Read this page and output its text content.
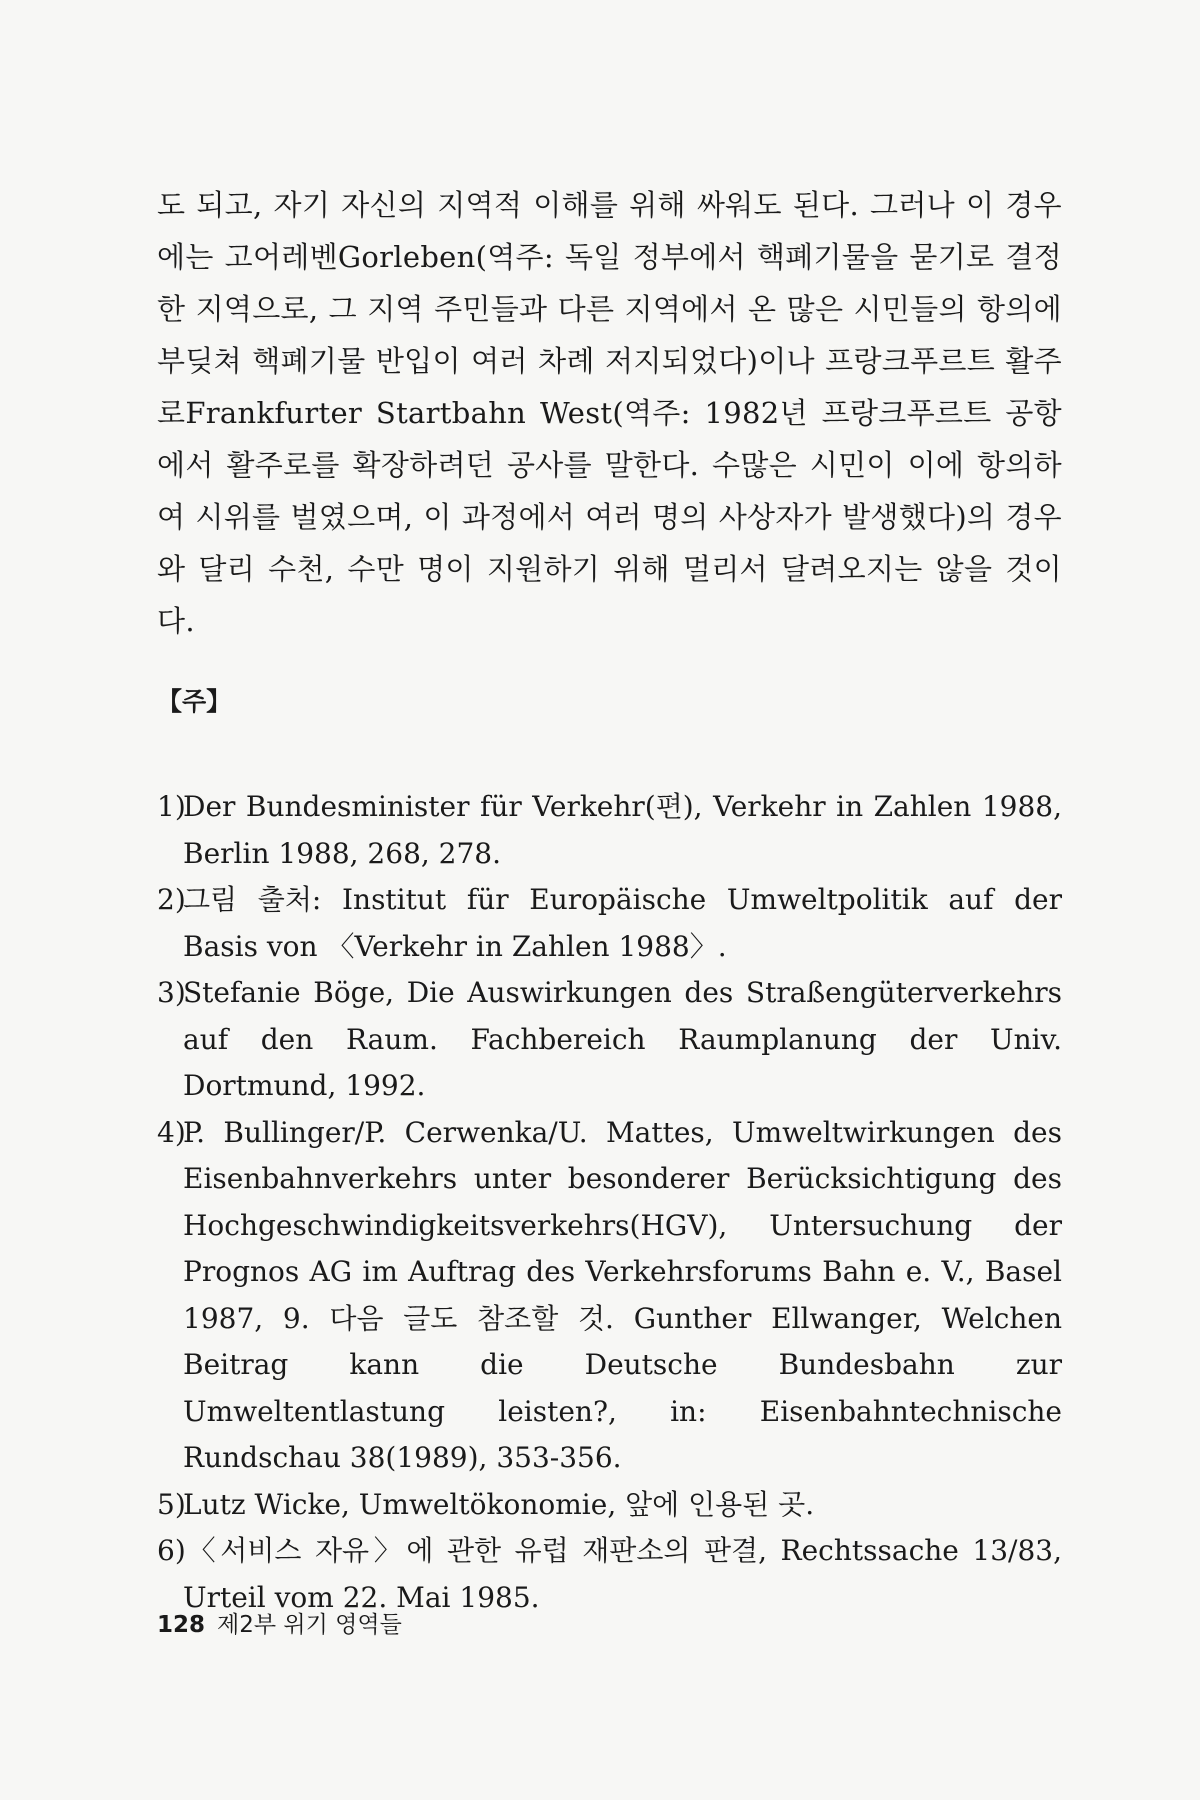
도 되고, 자기 자신의 지역적 이해를 위해 싸워도 된다. 그러나 이 경우에는 고어레벤Gorleben(역주: 독일 정부에서 핵폐기물을 묻기로 결정한 지역으로, 그 지역 주민들과 다른 지역에서 온 많은 시민들의 항의에 부딪쳐 핵폐기물 반입이 여러 차례 저지되었다)이나 프랑크푸르트 활주로Frankfurter Startbahn West(역주: 1982년 프랑크푸르트 공항에서 활주로를 확장하려던 공사를 말한다. 수많은 시민이 이에 항의하여 시위를 벌였으며, 이 과정에서 여러 명의 사상자가 발생했다)의 경우와 달리 수천, 수만 명이 지원하기 위해 멀리서 달려오지는 않을 것이다.

【주】
1)Der Bundesminister für Verkehr(편), Verkehr in Zahlen 1988, Berlin 1988, 268, 278.
2)그림 출처: Institut für Europäische Umweltpolitik auf der Basis von 〈Verkehr in Zahlen 1988〉.
3)Stefanie Böge, Die Auswirkungen des Straßengüterverkehrs auf den Raum. Fachbereich Raumplanung der Univ. Dortmund, 1992.
4)P. Bullinger/P. Cerwenka/U. Mattes, Umweltwirkungen des Eisenbahnverkehrs unter besonderer Berücksichtigung des Hochgeschwindigkeitsverkehrs(HGV), Untersuchung der Prognos AG im Auftrag des Verkehrsforums Bahn e. V., Basel 1987, 9. 다음 글도 참조할 것. Gunther Ellwanger, Welchen Beitrag kann die Deutsche Bundesbahn zur Umweltentlastung leisten?, in: Eisenbahntechnische Rundschau 38(1989), 353-356.
5)Lutz Wicke, Umweltökonomie, 앞에 인용된 곳.
6)〈서비스 자유〉에 관한 유럽 재판소의 판결, Rechtssache 13/83, Urteil vom 22. Mai 1985.
128 제2부 위기 영역들
